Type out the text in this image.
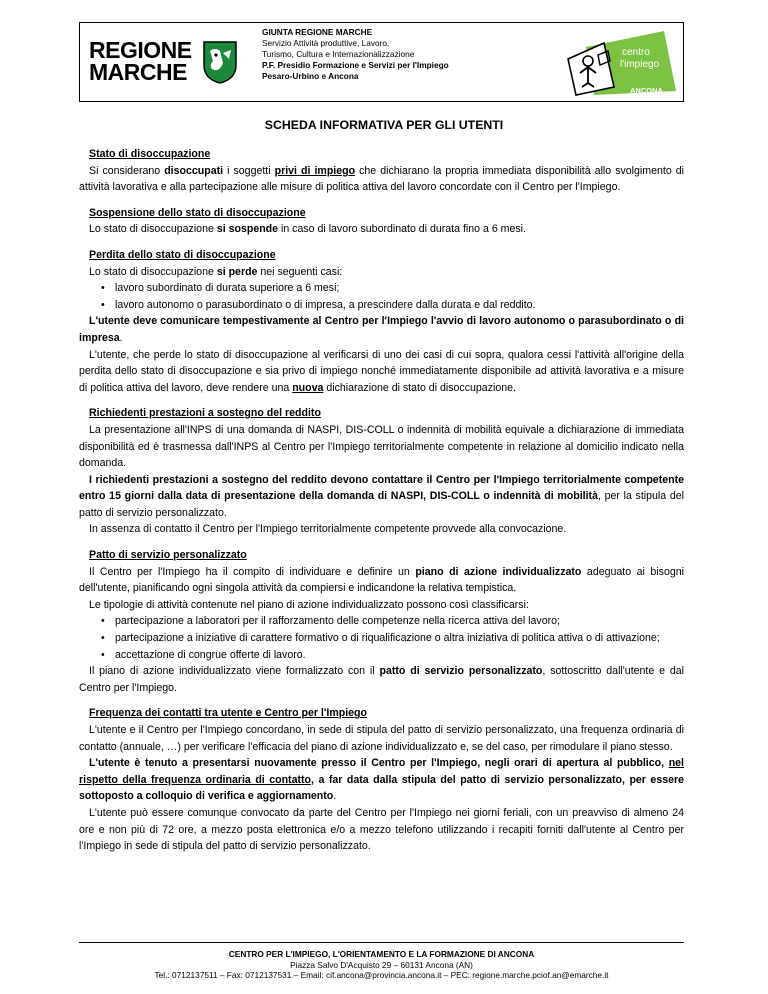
REGIONE
MARCHE
GIUNTA REGIONE MARCHE
Servizio Attività produttive, Lavoro,
Turismo, Cultura e Internazionalizzazione
P.F. Presidio Formazione e Servizi per l'Impiego
Pesaro-Urbino e Ancona
centro
l'impiego
ANCONA
SCHEDA INFORMATIVA PER GLI UTENTI
Stato di disoccupazione

Si considerano disoccupati i soggetti privi di impiego che dichiarano la propria immediata disponibilità allo svolgimento di attività lavorativa e alla partecipazione alle misure di politica attiva del lavoro concordate con il Centro per l'Impiego.

Sospensione dello stato di disoccupazione

Lo stato di disoccupazione si sospende in caso di lavoro subordinato di durata fino a 6 mesi.

Perdita dello stato di disoccupazione

Lo stato di disoccupazione si perde nei seguenti casi:

• lavoro subordinato di durata superiore a 6 mesi;
• lavoro autonomo o parasubordinato o di impresa, a prescindere dalla durata e dal reddito.

L'utente deve comunicare tempestivamente al Centro per l'Impiego l'avvio di lavoro autonomo o parasubordinato o di impresa.

L'utente, che perde lo stato di disoccupazione al verificarsi di uno dei casi di cui sopra, qualora cessi l'attività all'origine della perdita dello stato di disoccupazione e sia privo di impiego nonché immediatamente disponibile ad attività lavorativa e a misure di politica attiva del lavoro, deve rendere una nuova dichiarazione di stato di disoccupazione.

Richiedenti prestazioni a sostegno del reddito

La presentazione all'INPS di una domanda di NASPI, DIS-COLL o indennità di mobilità equivale a dichiarazione di immediata disponibilità ed è trasmessa dall'INPS al Centro per l'Impiego territorialmente competente in relazione al domicilio indicato nella domanda.

I richiedenti prestazioni a sostegno del reddito devono contattare il Centro per l'Impiego territorialmente competente entro 15 giorni dalla data di presentazione della domanda di NASPI, DIS-COLL o indennità di mobilità, per la stipula del patto di servizio personalizzato.

In assenza di contatto il Centro per l'Impiego territorialmente competente provvede alla convocazione.

Patto di servizio personalizzato

Il Centro per l'Impiego ha il compito di individuare e definire un piano di azione individualizzato adeguato ai bisogni dell'utente, pianificando ogni singola attività da compiersi e indicandone la relativa tempistica.

Le tipologie di attività contenute nel piano di azione individualizzato possono così classificarsi:

• partecipazione a laboratori per il rafforzamento delle competenze nella ricerca attiva del lavoro;
• partecipazione a iniziative di carattere formativo o di riqualificazione o altra iniziativa di politica attiva o di attivazione;
• accettazione di congrue offerte di lavoro.

Il piano di azione individualizzato viene formalizzato con il patto di servizio personalizzato, sottoscritto dall'utente e dal Centro per l'Impiego.

Frequenza dei contatti tra utente e Centro per l'Impiego

L'utente e il Centro per l'Impiego concordano, in sede di stipula del patto di servizio personalizzato, una frequenza ordinaria di contatto (annuale, …) per verificare l'efficacia del piano di azione individualizzato e, se del caso, per rimodulare il piano stesso.

L'utente è tenuto a presentarsi nuovamente presso il Centro per l'Impiego, negli orari di apertura al pubblico, nel rispetto della frequenza ordinaria di contatto, a far data dalla stipula del patto di servizio personalizzato, per essere sottoposto a colloquio di verifica e aggiornamento.

L'utente può essere comunque convocato da parte del Centro per l'Impiego nei giorni feriali, con un preavviso di almeno 24 ore e non più di 72 ore, a mezzo posta elettronica e/o a mezzo telefono utilizzando i recapiti forniti dall'utente al Centro per l'Impiego in sede di stipula del patto di servizio personalizzato.

CENTRO PER L'IMPIEGO, L'ORIENTAMENTO E LA FORMAZIONE DI ANCONA
Piazza Salvo D'Acquisto 29 – 60131 Ancona (AN)
Tel.: 0712137511 – Fax: 0712137531 – Email: cif.ancona@provincia.ancona.it – PEC: regione.marche.pciof.an@emarche.it
